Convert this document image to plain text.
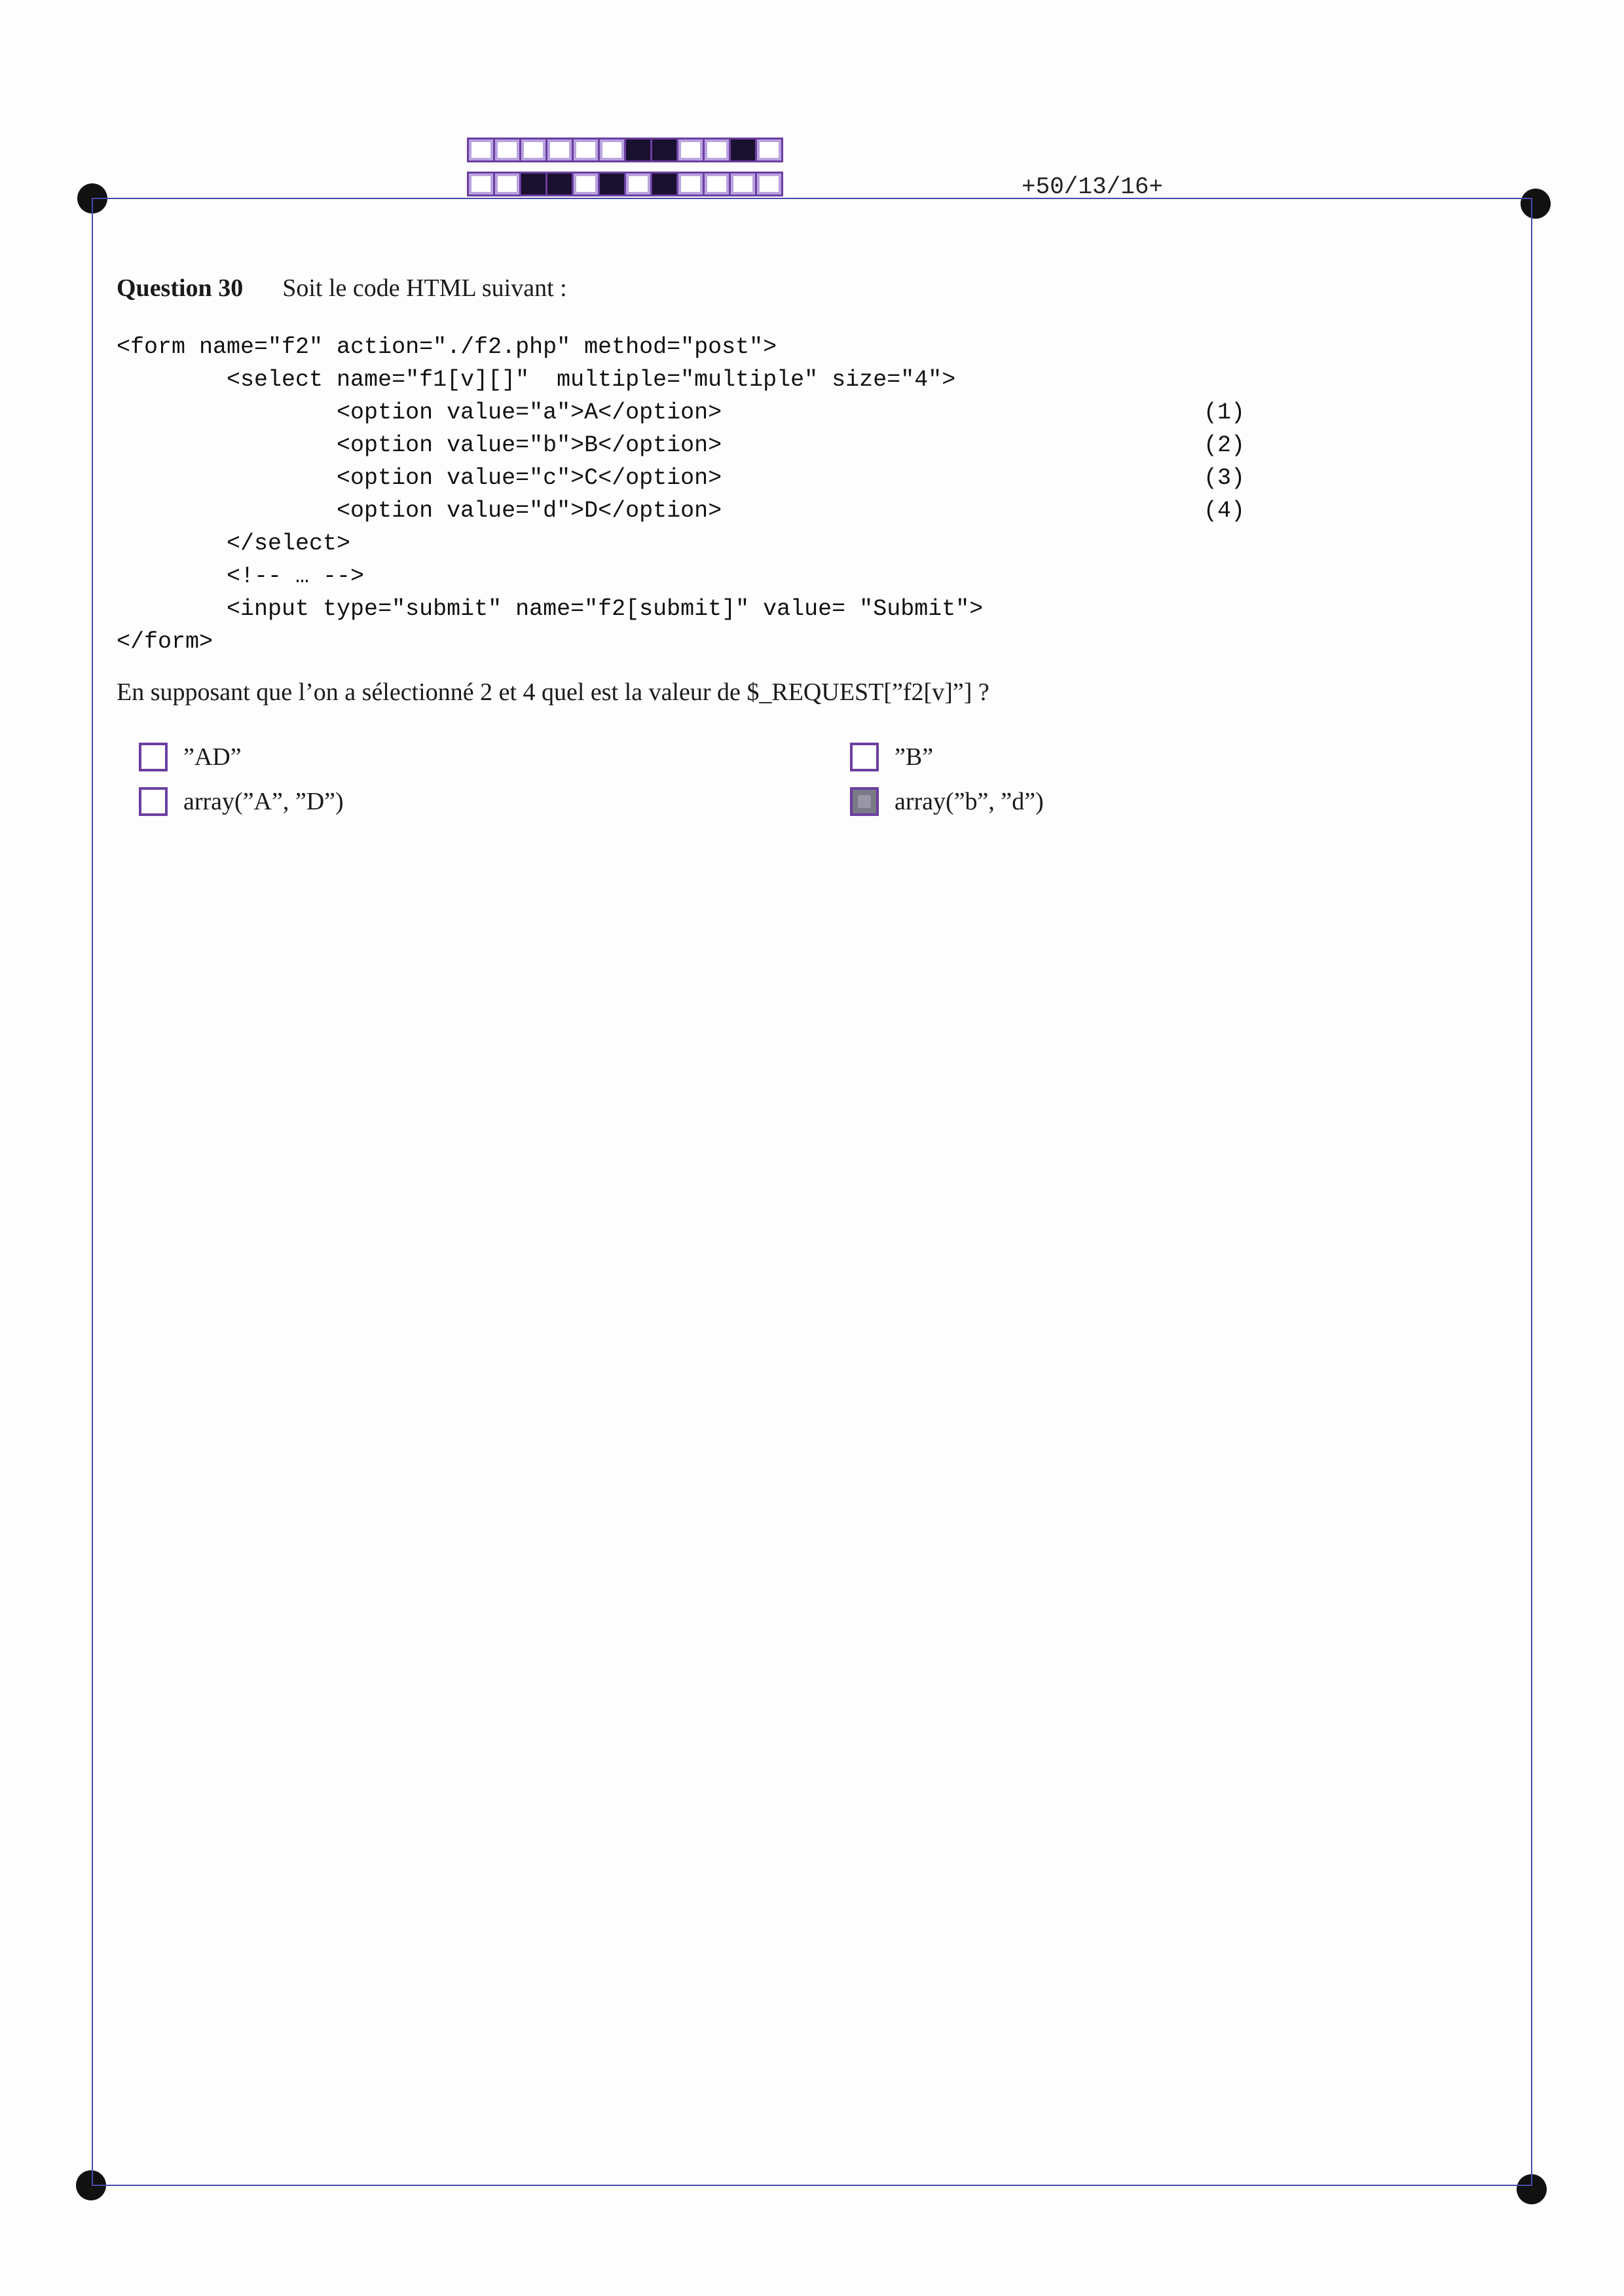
+50/13/16+
Question 30 Soit le code HTML suivant :
<form name="f2" action="./f2.php" method="post">
<select name="f1[v][]"  multiple="multiple" size="4">
<option value="a">A</option>	(1)
<option value="b">B</option>	(2)
<option value="c">C</option>	(3)
<option value="d">D</option>	(4)
</select>
<!-- … -->
<input type="submit" name="f2[submit]" value= "Submit">
</form>
En supposant que l’on a sélectionné 2 et 4 quel est la valeur de $_REQUEST[”f2[v]”] ?
”AD”	”B”
array(”A”, ”D”)	array(”b”, ”d”)
